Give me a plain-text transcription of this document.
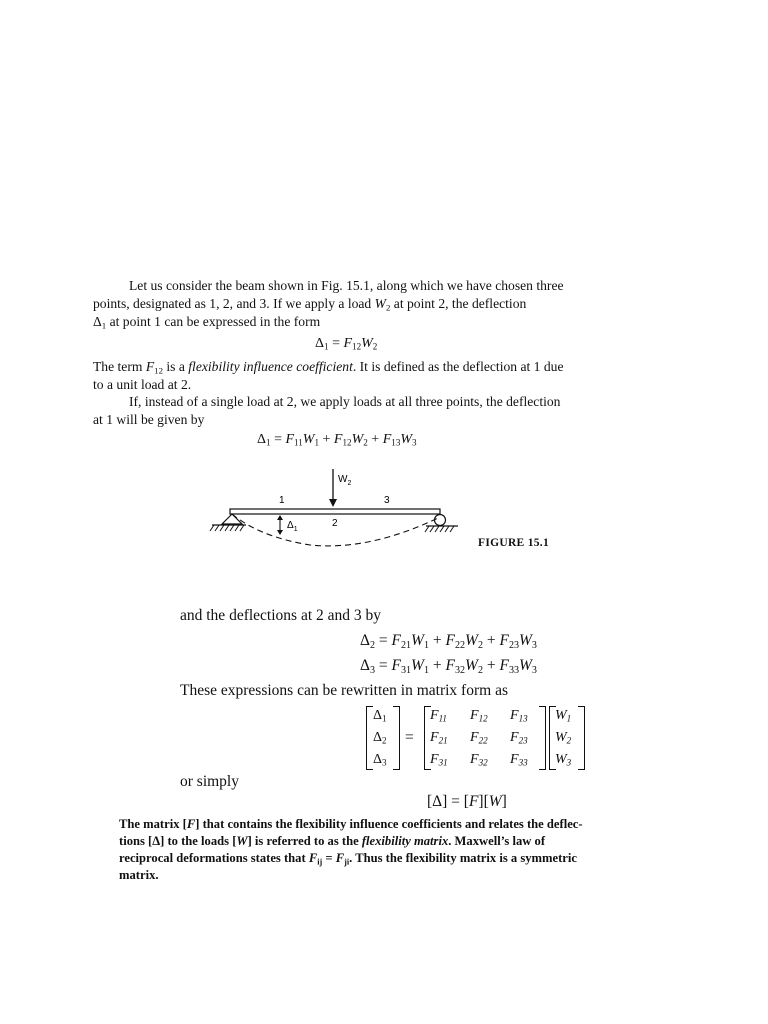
Let us consider the beam shown in Fig. 15.1, along which we have chosen three
points, designated as 1, 2, and 3. If we apply a load $W_2$ at point 2, the deflection
$\Delta_1$ at point 1 can be expressed in the form
$\Delta_1 = F_{12}W_2$
The term $F_{12}$ is a flexibility influence coefficient. It is defined as the deflection at 1 due
to a unit load at 2.
If, instead of a single load at 2, we apply loads at all three points, the deflection
at 1 will be given by
$\Delta_1 = F_{11}W_1 + F_{12}W_2 + F_{13}W_3$
$W_2$
1
2
3
$\Delta_1$
FIGURE 15.1
and the deflections at 2 and 3 by
$\Delta_2 = F_{21}W_1 + F_{22}W_2 + F_{23}W_3$
$\Delta_3 = F_{31}W_1 + F_{32}W_2 + F_{33}W_3$
These expressions can be rewritten in matrix form as
$\Delta_1$
$\Delta_2$
$\Delta_3$
=
$F_{11}$ $F_{12}$ $F_{13}$
$F_{21}$ $F_{22}$ $F_{23}$
$F_{31}$ $F_{32}$ $F_{33}$
$W_1$
$W_2$
$W_3$
or simply
[Δ] = [F][W]
The matrix [F] that contains the flexibility influence coefficients and relates the deflec-
tions [Δ] to the loads [W] is referred to as the flexibility matrix. Maxwell’s law of
reciprocal deformations states that $F_{ij} = F_{ji}$. Thus the flexibility matrix is a symmetric
matrix.
